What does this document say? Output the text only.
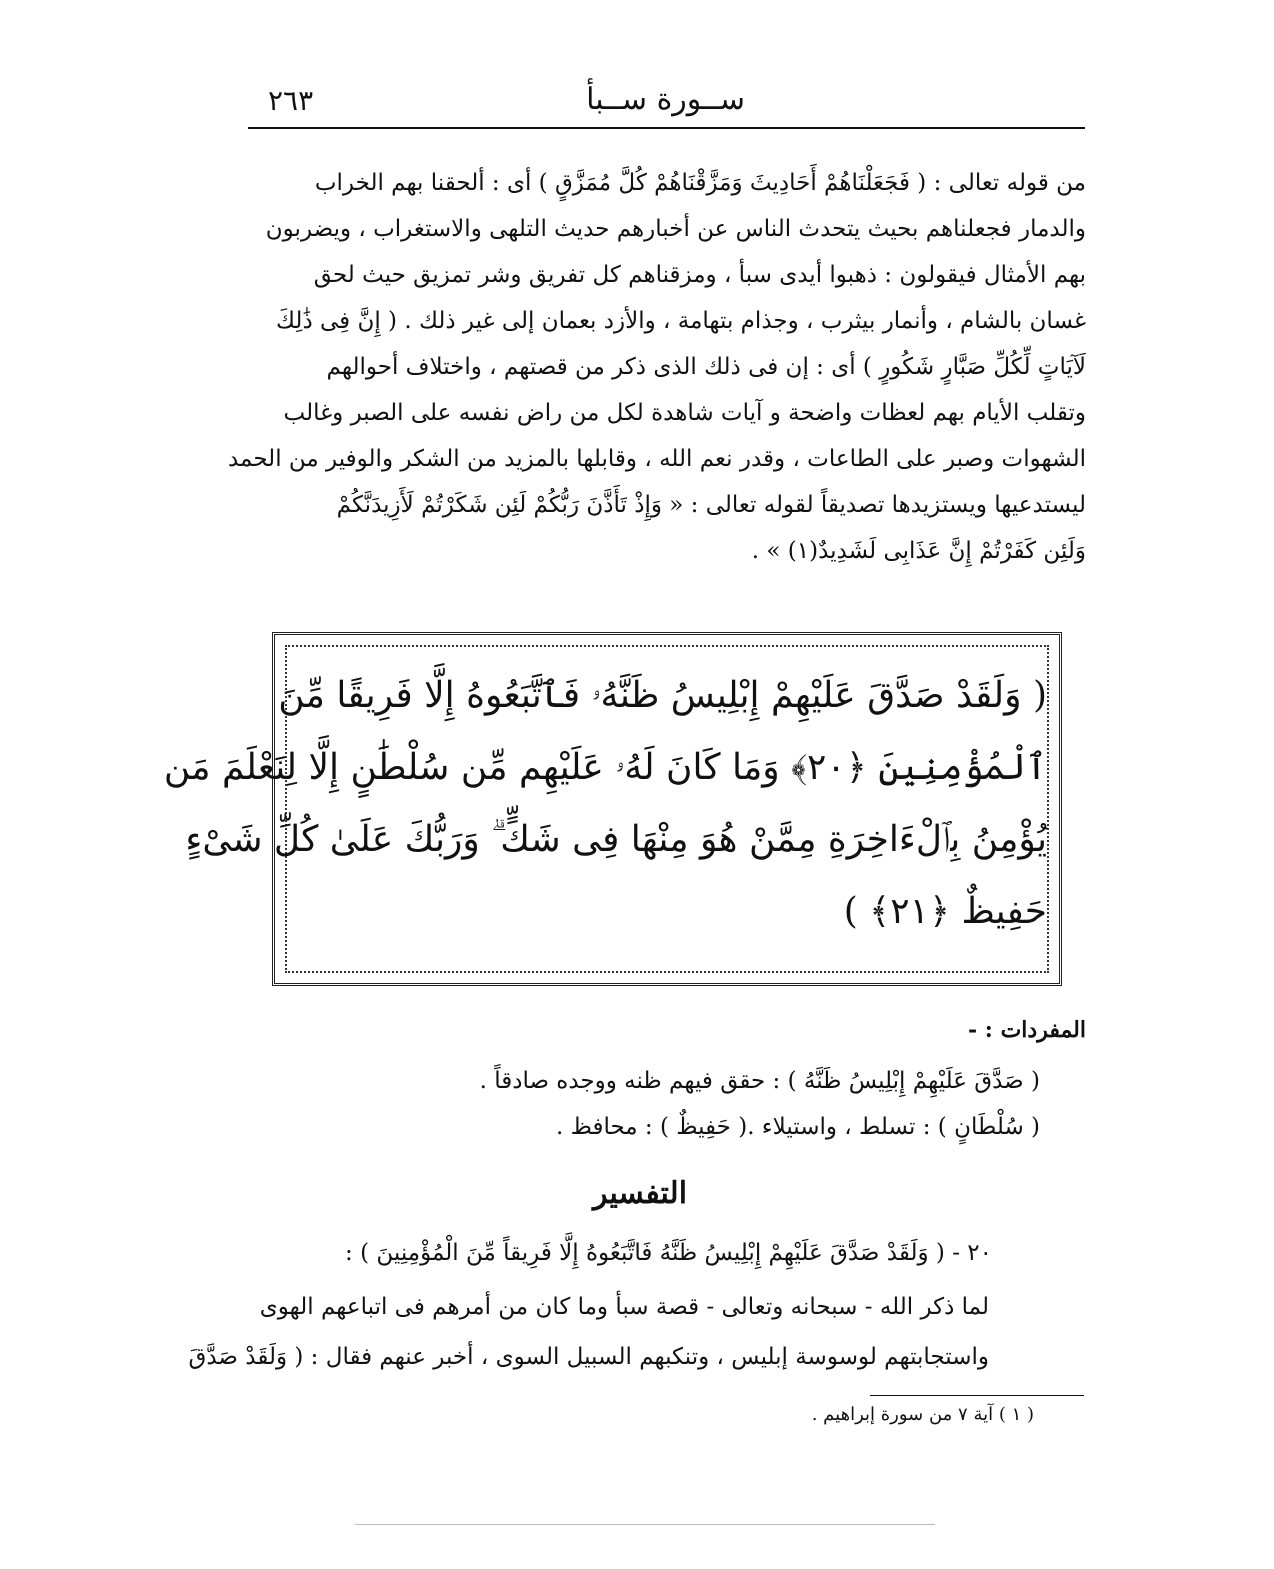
ســورة ســبأ
٢٦٣
من قوله تعالى : ( فَجَعَلْنَاهُمْ أَحَادِيثَ وَمَزَّقْنَاهُمْ كُلَّ مُمَزَّقٍ ) أى : ألحقنا بهم الخراب
والدمار فجعلناهم بحيث يتحدث الناس عن أخبارهم حديث التلهى والاستغراب ، ويضربون
بهم الأمثال فيقولون : ذهبوا أيدى سبأ ، ومزقناهم كل تفريق وشر تمزيق حيث لحق
غسان بالشام ، وأنمار بيثرب ، وجذام بتهامة ، والأزد بعمان إلى غير ذلك . ( إِنَّ فِى ذَٰلِكَ
لَآيَاتٍ لِّكُلِّ صَبَّارٍ شَكُورٍ ) أى : إن فى ذلك الذى ذكر من قصتهم ، واختلاف أحوالهم
وتقلب الأيام بهم لعظات واضحة و آيات شاهدة لكل من راض نفسه على الصبر وغالب
الشهوات وصبر على الطاعات ، وقدر نعم الله ، وقابلها بالمزيد من الشكر والوفير من الحمد
ليستدعيها ويستزيدها تصديقاً لقوله تعالى : « وَإِذْ تَأَذَّنَ رَبُّكُمْ لَئِن شَكَرْتُمْ لَأَزِيدَنَّكُمْ
وَلَئِن كَفَرْتُمْ إِنَّ عَذَابِى لَشَدِيدٌ(١) » .
( وَلَقَدْ صَدَّقَ عَلَيْهِمْ إِبْلِيسُ ظَنَّهُۥ فَٱتَّبَعُوهُ إِلَّا فَرِيقًا مِّنَ
ٱلْمُؤْمِنِينَ ﴿٢٠﴾ وَمَا كَانَ لَهُۥ عَلَيْهِم مِّن سُلْطَٰنٍ إِلَّا لِنَعْلَمَ مَن
يُؤْمِنُ بِٱلْءَاخِرَةِ مِمَّنْ هُوَ مِنْهَا فِى شَكٍّ ۗ وَرَبُّكَ عَلَىٰ كُلِّ شَىْءٍ
حَفِيظٌ ﴿٢١﴾ )
المفردات : -
( صَدَّقَ عَلَيْهِمْ إِبْلِيسُ ظَنَّهُ ) : حقق فيهم ظنه ووجده صادقاً .
( سُلْطَانٍ ) : تسلط ، واستيلاء .( حَفِيظٌ ) : محافظ .
التفسير
٢٠ - ( وَلَقَدْ صَدَّقَ عَلَيْهِمْ إِبْلِيسُ ظَنَّهُ فَاتَّبَعُوهُ إِلَّا فَرِيقاً مِّنَ الْمُؤْمِنِينَ ) :
لما ذكر الله - سبحانه وتعالى - قصة سبأ وما كان من أمرهم فى اتباعهم الهوى
واستجابتهم لوسوسة إبليس ، وتنكبهم السبيل السوى ، أخبر عنهم فقال : ( وَلَقَدْ صَدَّقَ
( ١ ) آية ٧ من سورة إبراهيم .
